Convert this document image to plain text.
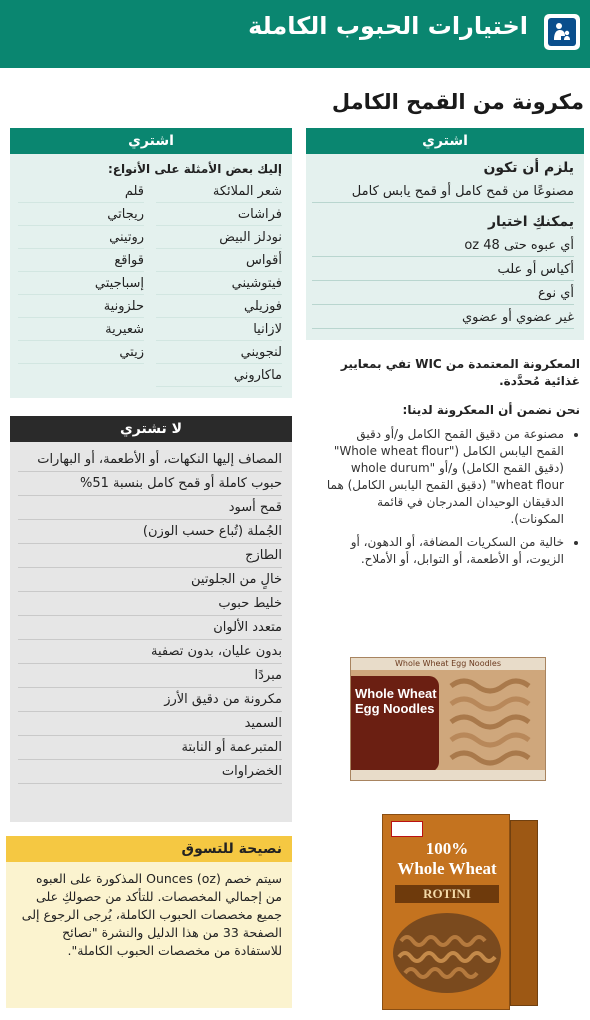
اختيارات الحبوب الكاملة
مكرونة من القمح الكامل
اشتري
يلزم أن تكون
مصنوعًا من قمح كامل أو قمح يابس كامل
يمكنكِ اختيار
أي عبوه حتى 48 oz
أكياس أو علب
أي نوع
غير عضوي أو عضوي
المعكرونة المعتمدة من WIC تفي بمعايير غذائية مُحدَّدة.
نحن نضمن أن المعكرونة لدينا:
• مصنوعة من دقيق القمح الكامل و/أو دقيق القمح اليابس الكامل ("Whole wheat flour" (دقيق القمح الكامل) و/أو "whole durum wheat flour" (دقيق القمح اليابس الكامل) هما الدقيقان الوحيدان المدرجان في قائمة المكونات).
• خالية من السكريات المضافة، أو الدهون، أو الزيوت، أو الأطعمة، أو التوابل، أو الأملاح.
اشتري
إليك بعض الأمثلة على الأنواع:
شعر الملائكة
قلم
فراشات
ريجاتي
نودلز البيض
روتيني
أقواس
قواقع
فيتوشيني
إسباجيتي
فوزيلي
حلزونية
لازانيا
شعيرية
لنجويني
زيتي
ماكاروني
لا تشتري
المصاف إليها النكهات، أو الأطعمة، أو البهارات
حبوب كاملة أو قمح كامل بنسبة 51%
قمح أسود
الجُملة (تُباع حسب الوزن)
الطازج
خالٍ من الجلوتين
خليط حبوب
متعدد الألوان
بدون عليان، بدون تصفية
مبردًا
مكرونة من دقيق الأرز
السميد
المتبرعمة أو النابتة
الخضراوات
نصيحة للتسوق
سيتم خصم (oz) Ounces المذكورة على العبوه من إجمالي المخصصات. للتأكد من حصولكِ على جميع مخصصات الحبوب الكاملة، يُرجى الرجوع إلى الصفحة 33 من هذا الدليل والنشرة "نصائح للاستفادة من مخصصات الحبوب الكاملة".
Whole Wheat Egg Noodles
Whole Wheat Egg Noodles
100%
Whole Wheat
ROTINI
